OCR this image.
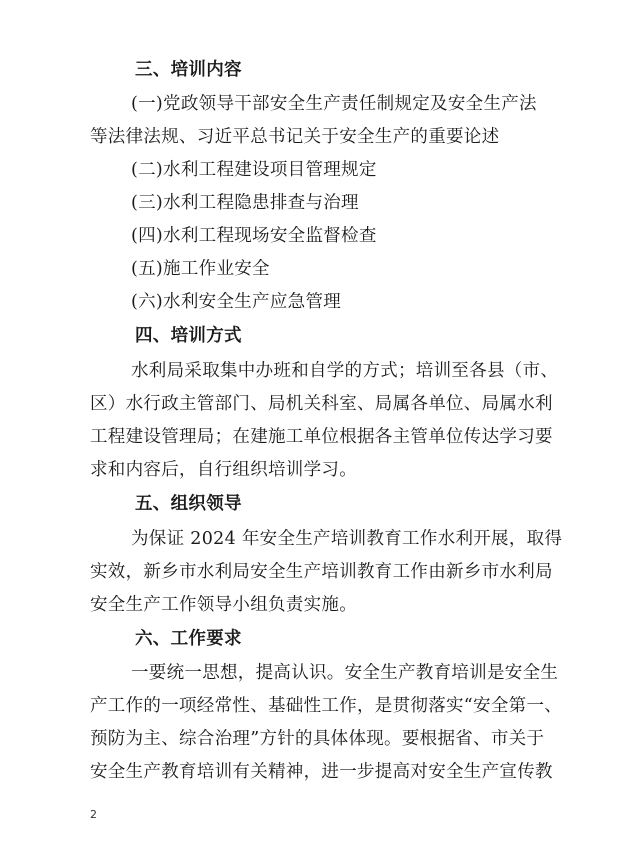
三、培训内容
(一)党政领导干部安全生产责任制规定及安全生产法
等法律法规、习近平总书记关于安全生产的重要论述
(二)水利工程建设项目管理规定
(三)水利工程隐患排查与治理
(四)水利工程现场安全监督检查
(五)施工作业安全
(六)水利安全生产应急管理
四、培训方式
水利局采取集中办班和自学的方式；培训至各县（市、
区）水行政主管部门、局机关科室、局属各单位、局属水利
工程建设管理局；在建施工单位根据各主管单位传达学习要
求和内容后，自行组织培训学习。
五、组织领导
为保证 2024 年安全生产培训教育工作水利开展，取得
实效，新乡市水利局安全生产培训教育工作由新乡市水利局
安全生产工作领导小组负责实施。
六、工作要求
一要统一思想，提高认识。安全生产教育培训是安全生
产工作的一项经常性、基础性工作，是贯彻落实“安全第一、
预防为主、综合治理”方针的具体体现。要根据省、市关于
安全生产教育培训有关精神，进一步提高对安全生产宣传教
2
